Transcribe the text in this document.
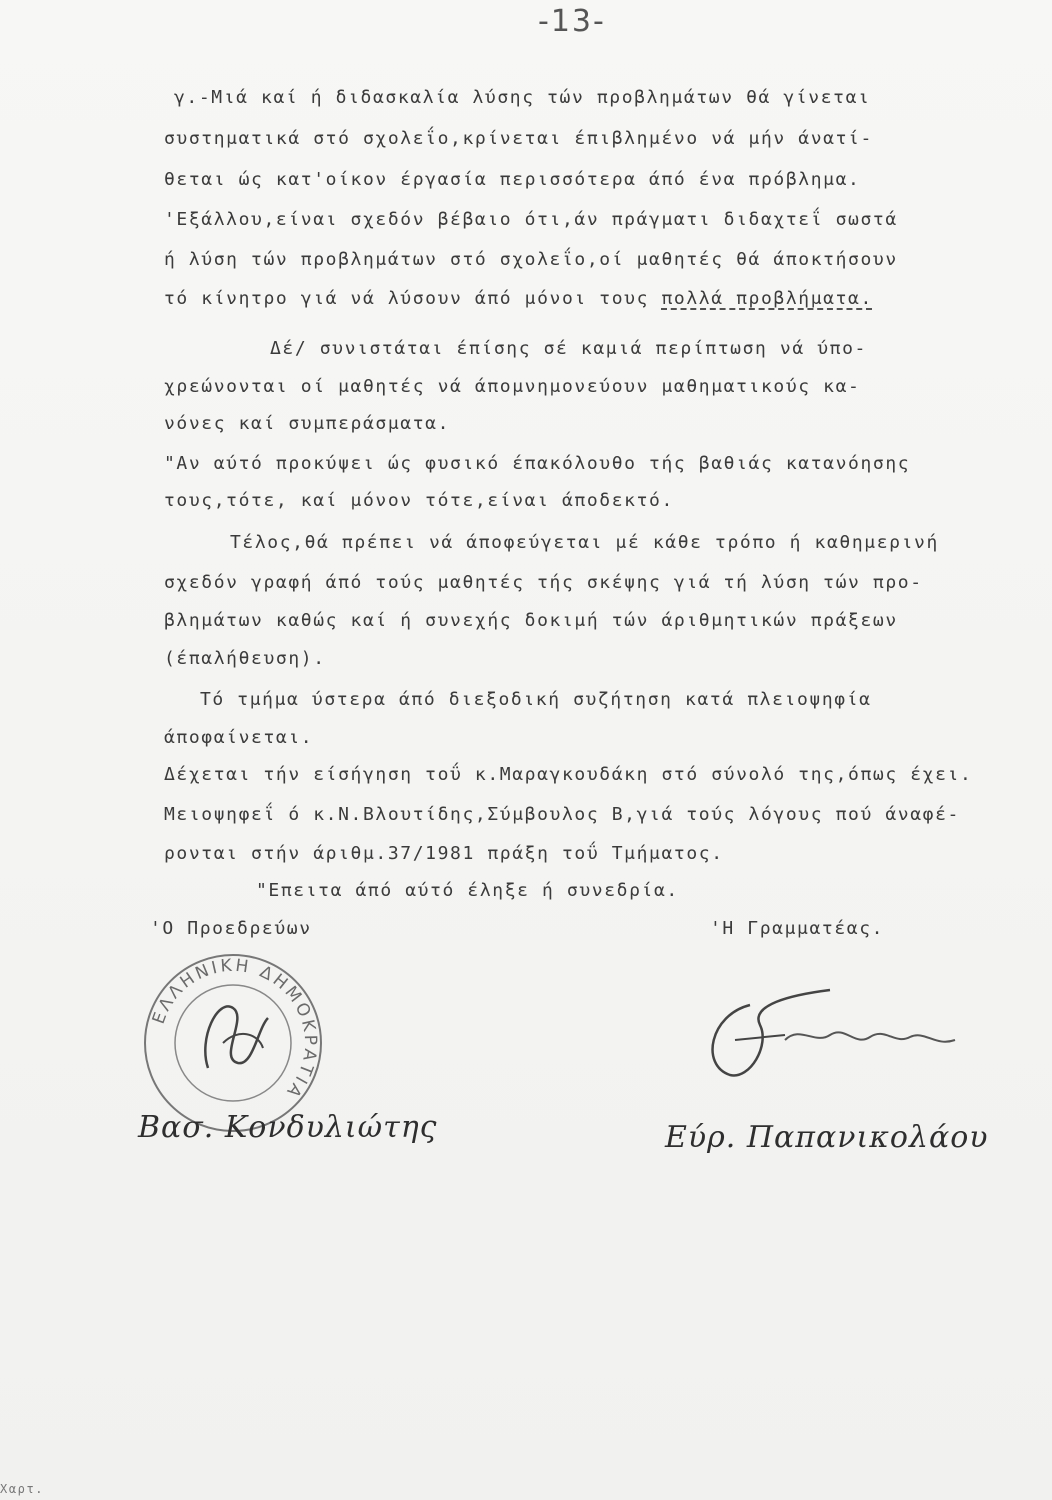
-13-
γ.-Μιά καί ή διδασκαλία λύσης τών προβλημάτων θά γίνεται
συστηματικά στό σχολεΐο,κρίνεται έπιβλημένο νά μήν άνατί-
θεται ώς κατ'οίκον έργασία περισσότερα άπό ένα πρόβλημα.
'Εξάλλου,είναι σχεδόν βέβαιο ότι,άν πράγματι διδαχτεΐ σωστά
ή λύση τών προβλημάτων στό σχολεΐο,οί μαθητές θά άποκτήσουν
τό κίνητρο γιά νά λύσουν άπό μόνοι τους πολλά προβλήματα.
Δέ/ συνιστάται έπίσης σέ καμιά περίπτωση νά ύπο-
χρεώνονται οί μαθητές νά άπομνημονεύουν μαθηματικούς κα-
νόνες καί συμπεράσματα.
"Αν αύτό προκύψει ώς φυσικό έπακόλουθο τής βαθιάς κατανόησης
τους,τότε, καί μόνον τότε,είναι άποδεκτό.
Τέλος,θά πρέπει νά άποφεύγεται μέ κάθε τρόπο ή καθημερινή
σχεδόν γραφή άπό τούς μαθητές τής σκέψης γιά τή λύση τών προ-
βλημάτων καθώς καί ή συνεχής δοκιμή τών άριθμητικών πράξεων
(έπαλήθευση).
Τό τμήμα ύστερα άπό διεξοδική συζήτηση κατά πλειοψηφία
άποφαίνεται.
Δέχεται τήν είσήγηση τοΰ κ.Μαραγκουδάκη στό σύνολό της,όπως έχει.
Μειοψηφεΐ ό κ.Ν.Βλουτίδης,Σύμβουλος Β,γιά τούς λόγους πού άναφέ-
ρονται στήν άριθμ.37/1981 πράξη τοΰ Τμήματος.
"Επειτα άπό αύτό έληξε ή συνεδρία.
'Ο Προεδρεύων	'Η Γραμματέας.
ΕΛΛΗΝΙΚΗ ΔΗΜΟΚΡΑΤΙΑ
Βασ. Κονδυλιώτης	Εύρ. Παπανικολάου
Χαρτ.
